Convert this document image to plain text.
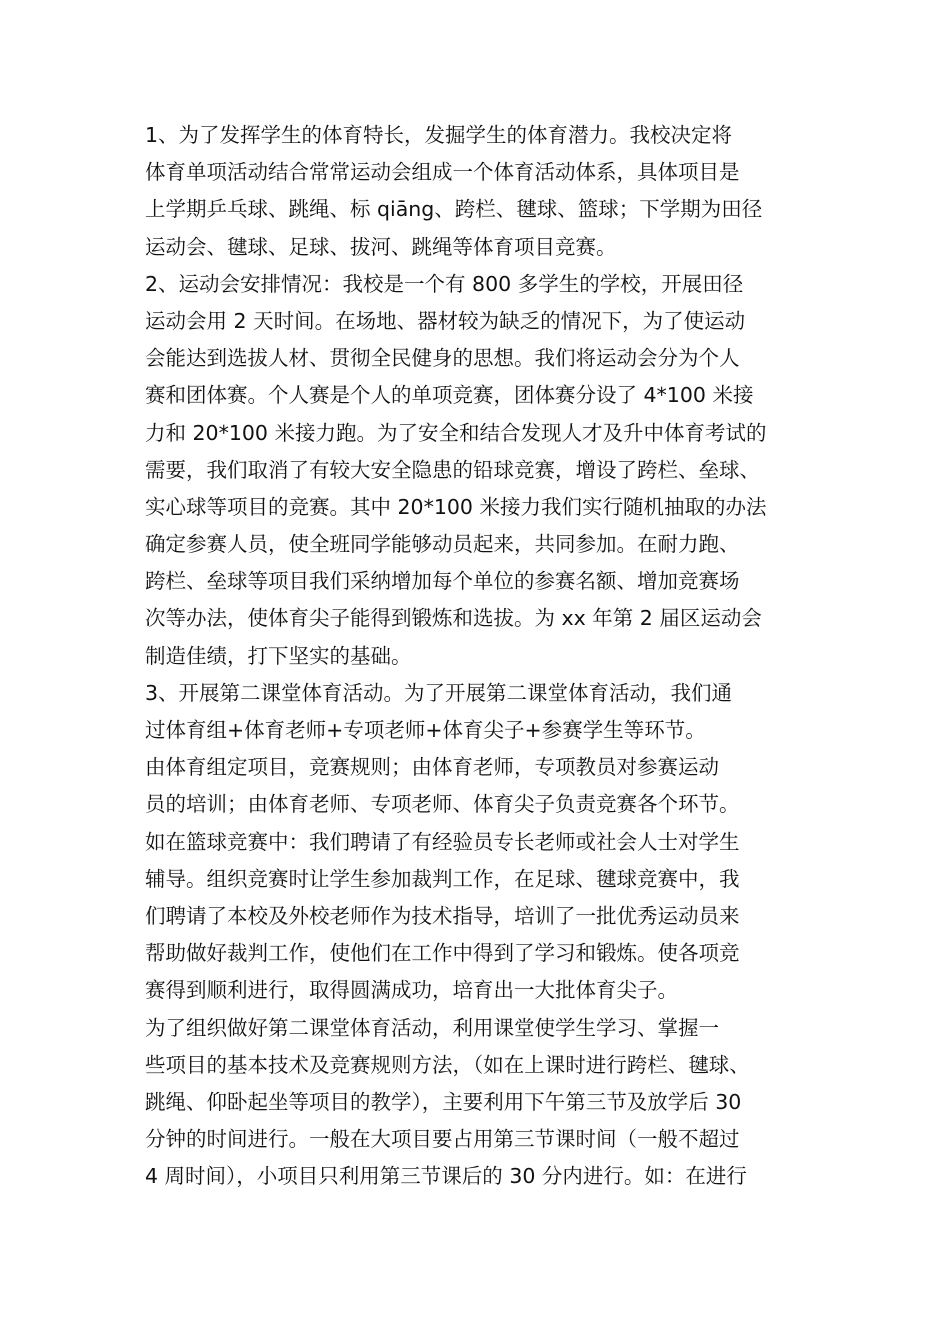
1、为了发挥学生的体育特长，发掘学生的体育潜力。我校决定将
体育单项活动结合常常运动会组成一个体育活动体系，具体项目是
上学期乒乓球、跳绳、标 qiāng、跨栏、毽球、篮球；下学期为田径
运动会、毽球、足球、拔河、跳绳等体育项目竞赛。
2、运动会安排情况：我校是一个有 800 多学生的学校，开展田径
运动会用 2 天时间。在场地、器材较为缺乏的情况下，为了使运动
会能达到选拔人材、贯彻全民健身的思想。我们将运动会分为个人
赛和团体赛。个人赛是个人的单项竞赛，团体赛分设了 4*100 米接
力和 20*100 米接力跑。为了安全和结合发现人才及升中体育考试的
需要，我们取消了有较大安全隐患的铅球竞赛，增设了跨栏、垒球、
实心球等项目的竞赛。其中 20*100 米接力我们实行随机抽取的办法
确定参赛人员，使全班同学能够动员起来，共同参加。在耐力跑、
跨栏、垒球等项目我们采纳增加每个单位的参赛名额、增加竞赛场
次等办法，使体育尖子能得到锻炼和选拔。为 xx 年第 2 届区运动会
制造佳绩，打下坚实的基础。
3、开展第二课堂体育活动。为了开展第二课堂体育活动，我们通
过体育组+体育老师+专项老师+体育尖子+参赛学生等环节。
由体育组定项目，竞赛规则；由体育老师，专项教员对参赛运动
员的培训；由体育老师、专项老师、体育尖子负责竞赛各个环节。
如在篮球竞赛中：我们聘请了有经验员专长老师或社会人士对学生
辅导。组织竞赛时让学生参加裁判工作，在足球、毽球竞赛中，我
们聘请了本校及外校老师作为技术指导，培训了一批优秀运动员来
帮助做好裁判工作，使他们在工作中得到了学习和锻炼。使各项竞
赛得到顺利进行，取得圆满成功，培育出一大批体育尖子。
为了组织做好第二课堂体育活动，利用课堂使学生学习、掌握一
些项目的基本技术及竞赛规则方法，（如在上课时进行跨栏、毽球、
跳绳、仰卧起坐等项目的教学），主要利用下午第三节及放学后 30
分钟的时间进行。一般在大项目要占用第三节课时间（一般不超过
4 周时间），小项目只利用第三节课后的 30 分内进行。如：在进行
